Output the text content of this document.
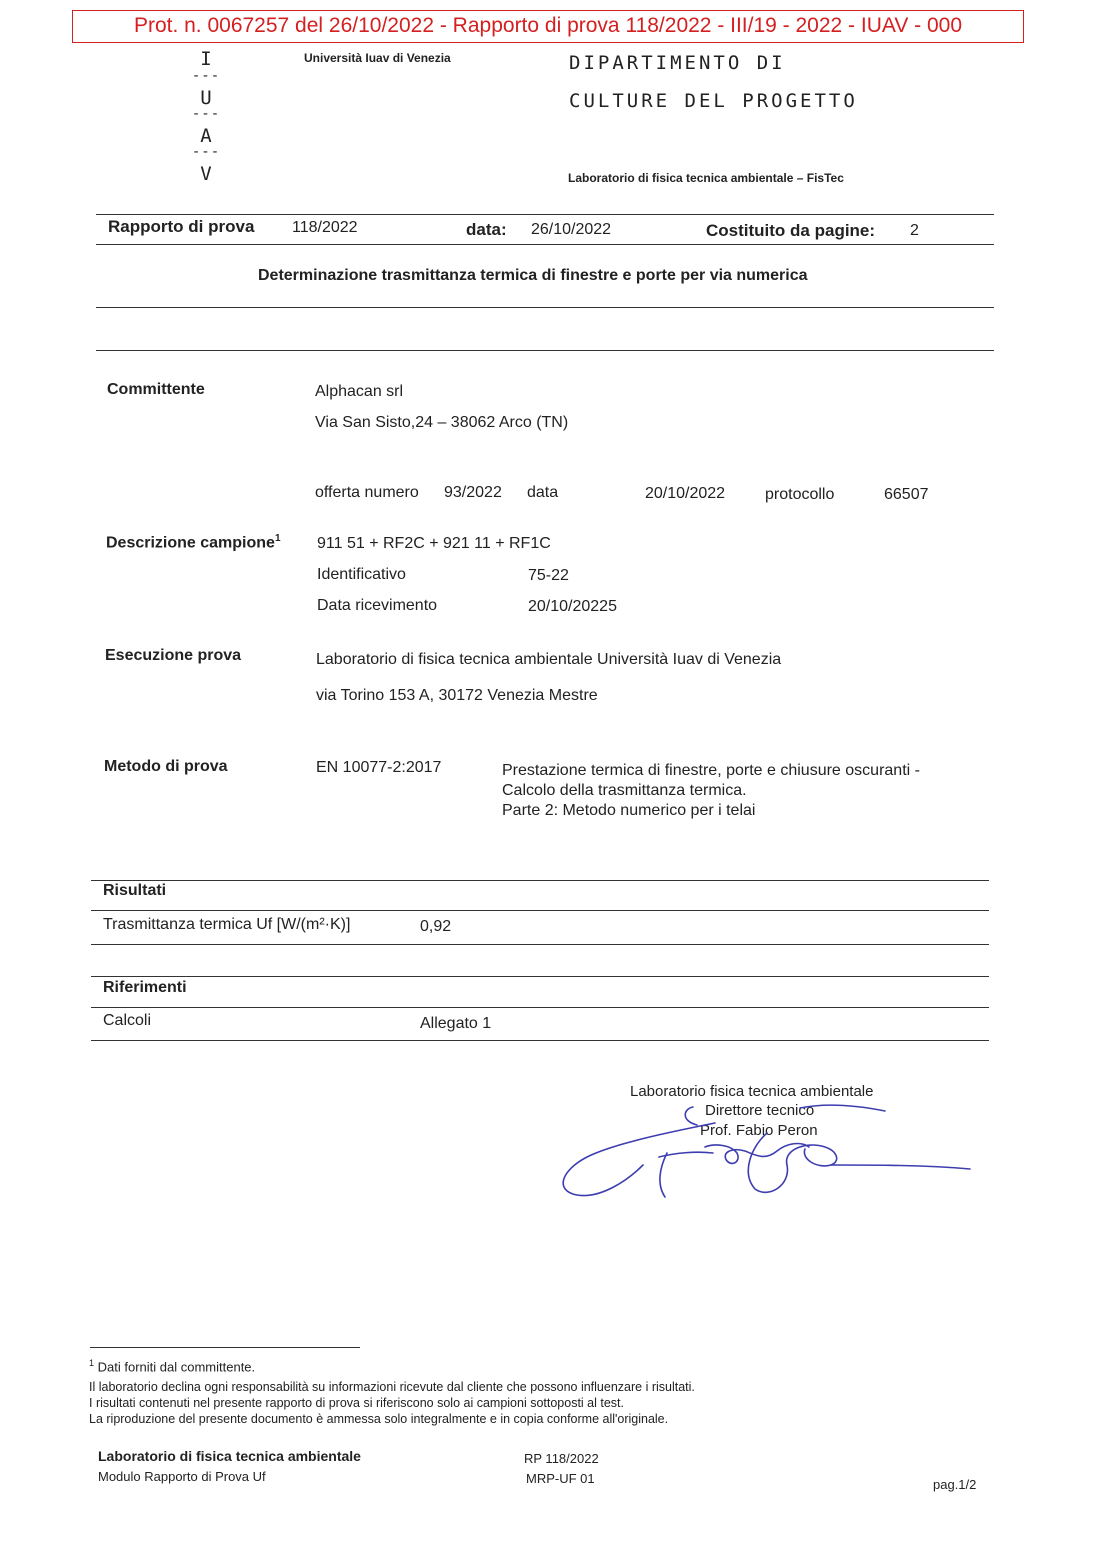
Prot. n. 0067257 del 26/10/2022 - Rapporto di prova 118/2022 - III/19 - 2022 - IUAV - 000
I
---
U
---
A
---
V
Università Iuav di Venezia	DIPARTIMENTO DI
CULTURE DEL PROGETTO
Laboratorio di fisica tecnica ambientale – FisTec
Rapporto di prova 118/2022	data: 26/10/2022	Costituito da pagine: 2
Determinazione trasmittanza termica di finestre e porte per via numerica
Committente	Alphacan srl
Via San Sisto,24 – 38062 Arco (TN)
offerta numero 93/2022 data	20/10/2022 protocollo	66507
Descrizione campione$^1$ 911 51 + RF2C + 921 11 + RF1C
Identificativo	75-22
Data ricevimento	20/10/20225
Esecuzione prova	Laboratorio di fisica tecnica ambientale Università Iuav di Venezia
via Torino 153 A, 30172 Venezia Mestre
Metodo di prova	EN 10077-2:2017	Prestazione termica di finestre, porte e chiusure oscuranti -
Calcolo della trasmittanza termica.
Parte 2: Metodo numerico per i telai
Risultati
Trasmittanza termica Uf [W/(m²·K)]	0,92
Riferimenti
Calcoli	Allegato 1
Laboratorio fisica tecnica ambientale
Direttore tecnico
Prof. Fabio Peron
$^1$ Dati forniti dal committente.
Il laboratorio declina ogni responsabilità su informazioni ricevute dal cliente che possono influenzare i risultati.
I risultati contenuti nel presente rapporto di prova si riferiscono solo ai campioni sottoposti al test.
La riproduzione del presente documento è ammessa solo integralmente e in copia conforme all'originale.
Laboratorio di fisica tecnica ambientale
Modulo Rapporto di Prova Uf
RP 118/2022
MRP-UF 01	pag.1/2
